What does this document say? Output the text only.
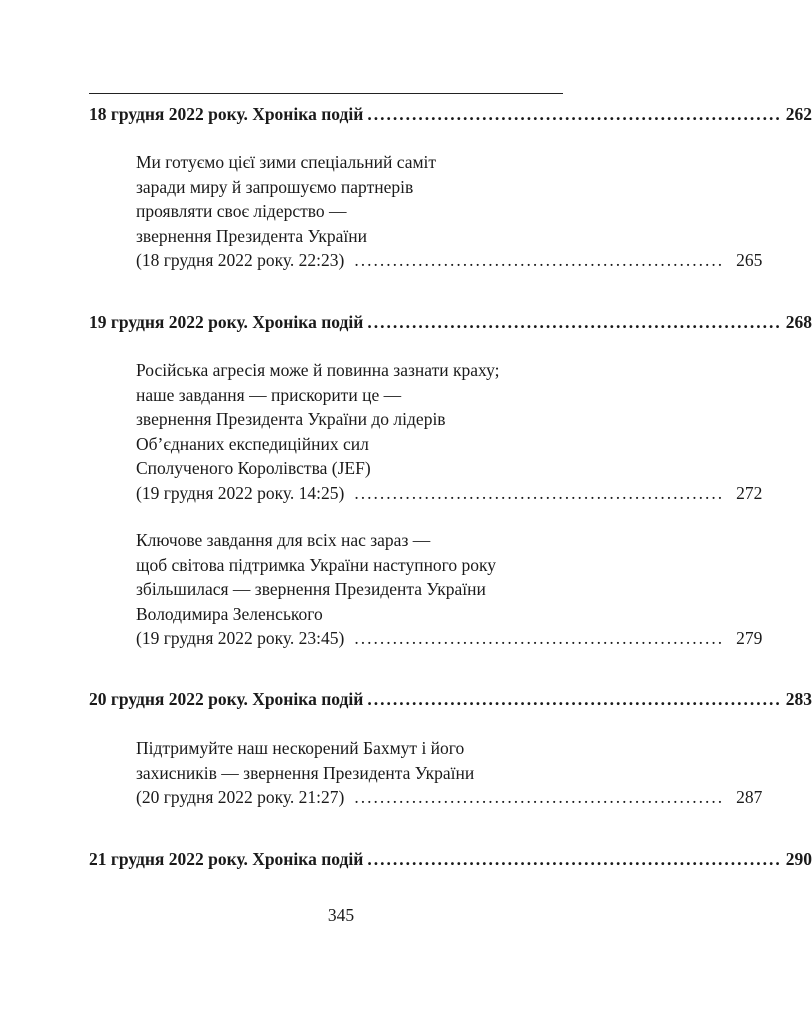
18 грудня 2022 року. Хроніка подій ................................................................. 262
Ми готуємо цієї зими спеціальний саміт
заради миру й запрошуємо партнерів
проявляти своє лідерство —
звернення Президента України
(18 грудня 2022 року. 22:23) .......................................................... 265
19 грудня 2022 року. Хроніка подій ................................................................. 268
Російська агресія може й повинна зазнати краху;
наше завдання — прискорити це —
звернення Президента України до лідерів
Об’єднаних експедиційних сил
Сполученого Королівства (JEF)
(19 грудня 2022 року. 14:25) .......................................................... 272
Ключове завдання для всіх нас зараз —
щоб світова підтримка України наступного року
збільшилася — звернення Президента України
Володимира Зеленського
(19 грудня 2022 року. 23:45) .......................................................... 279
20 грудня 2022 року. Хроніка подій ................................................................. 283
Підтримуйте наш нескорений Бахмут і його
захисників — звернення Президента України
(20 грудня 2022 року. 21:27) .......................................................... 287
21 грудня 2022 року. Хроніка подій ................................................................. 290
345
